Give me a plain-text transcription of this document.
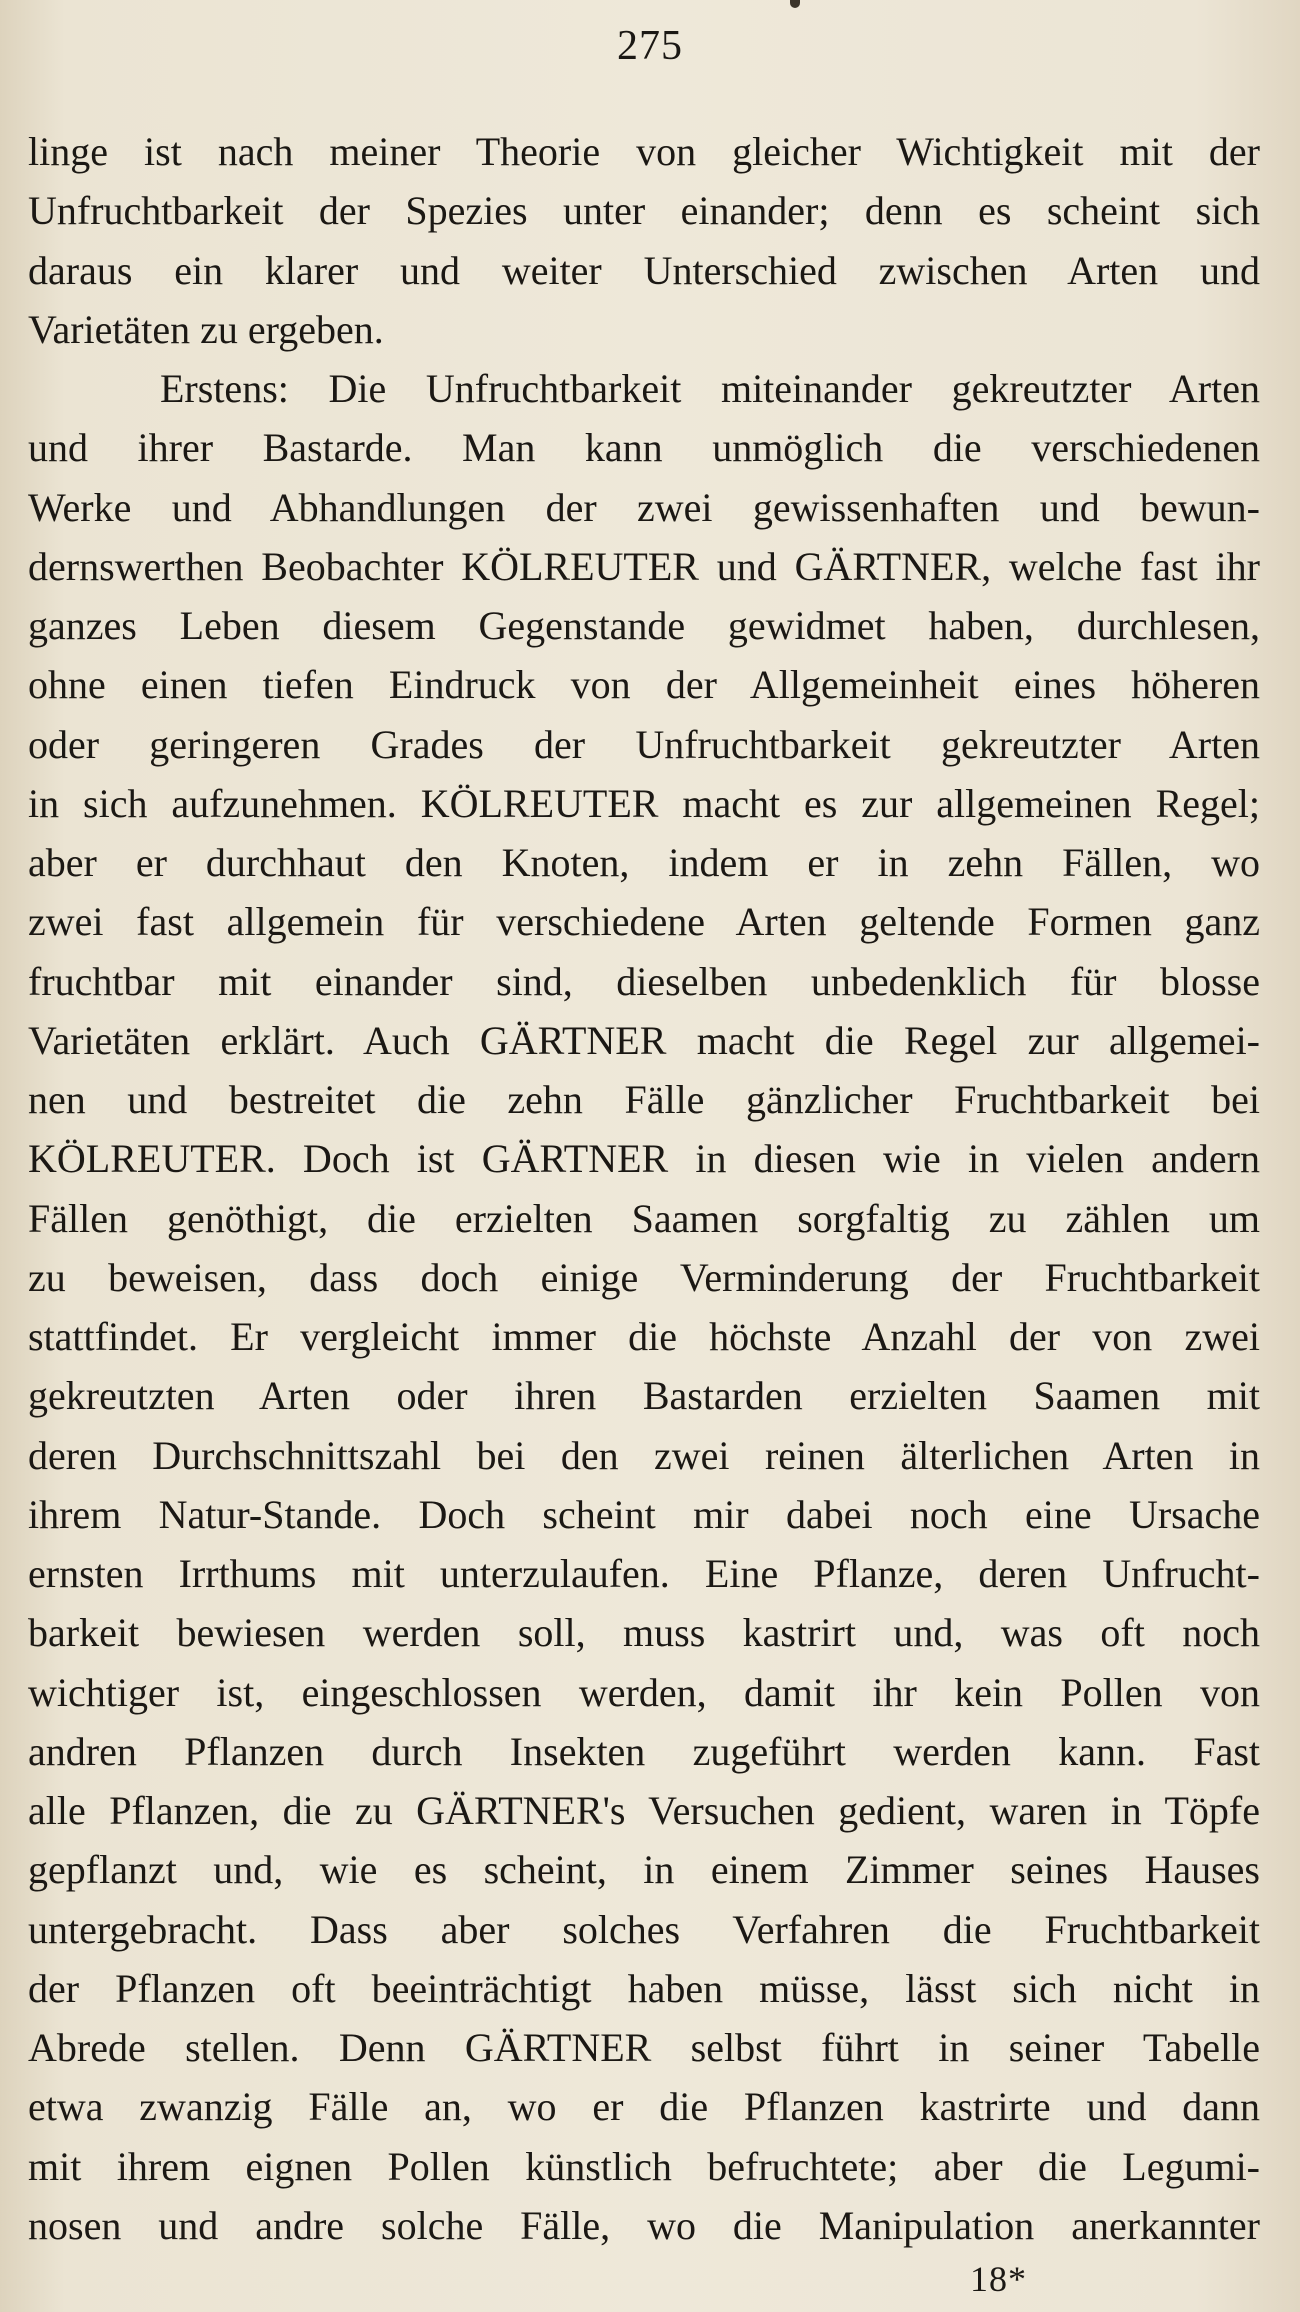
275
linge ist nach meiner Theorie von gleicher Wichtigkeit mit der
Unfruchtbarkeit der Spezies unter einander; denn es scheint sich
daraus ein klarer und weiter Unterschied zwischen Arten und
Varietäten zu ergeben.
Erstens: Die Unfruchtbarkeit miteinander gekreutzter Arten
und ihrer Bastarde. Man kann unmöglich die verschiedenen
Werke und Abhandlungen der zwei gewissenhaften und bewun-
dernswerthen Beobachter KÖLREUTER und GÄRTNER, welche fast ihr
ganzes Leben diesem Gegenstande gewidmet haben, durchlesen,
ohne einen tiefen Eindruck von der Allgemeinheit eines höheren
oder geringeren Grades der Unfruchtbarkeit gekreutzter Arten
in sich aufzunehmen. KÖLREUTER macht es zur allgemeinen Regel;
aber er durchhaut den Knoten, indem er in zehn Fällen, wo
zwei fast allgemein für verschiedene Arten geltende Formen ganz
fruchtbar mit einander sind, dieselben unbedenklich für blosse
Varietäten erklärt. Auch GÄRTNER macht die Regel zur allgemei-
nen und bestreitet die zehn Fälle gänzlicher Fruchtbarkeit bei
KÖLREUTER. Doch ist GÄRTNER in diesen wie in vielen andern
Fällen genöthigt, die erzielten Saamen sorgfaltig zu zählen um
zu beweisen, dass doch einige Verminderung der Fruchtbarkeit
stattfindet. Er vergleicht immer die höchste Anzahl der von zwei
gekreutzten Arten oder ihren Bastarden erzielten Saamen mit
deren Durchschnittszahl bei den zwei reinen älterlichen Arten in
ihrem Natur-Stande. Doch scheint mir dabei noch eine Ursache
ernsten Irrthums mit unterzulaufen. Eine Pflanze, deren Unfrucht-
barkeit bewiesen werden soll, muss kastrirt und, was oft noch
wichtiger ist, eingeschlossen werden, damit ihr kein Pollen von
andren Pflanzen durch Insekten zugeführt werden kann. Fast
alle Pflanzen, die zu GÄRTNER's Versuchen gedient, waren in Töpfe
gepflanzt und, wie es scheint, in einem Zimmer seines Hauses
untergebracht. Dass aber solches Verfahren die Fruchtbarkeit
der Pflanzen oft beeinträchtigt haben müsse, lässt sich nicht in
Abrede stellen. Denn GÄRTNER selbst führt in seiner Tabelle
etwa zwanzig Fälle an, wo er die Pflanzen kastrirte und dann
mit ihrem eignen Pollen künstlich befruchtete; aber die Legumi-
nosen und andre solche Fälle, wo die Manipulation anerkannter
18*
